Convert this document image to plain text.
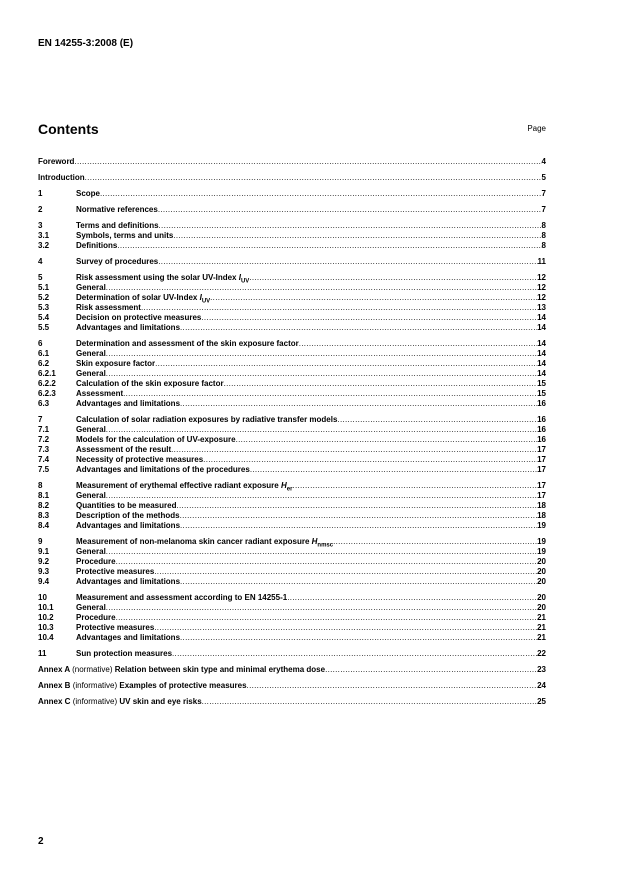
EN 14255-3:2008 (E)
Contents	Page
Foreword .....	4
Introduction .....	5
1	Scope .....	7
2	Normative references .....	7
3	Terms and definitions .....	8
3.1	Symbols, terms and units .....	8
3.2	Definitions .....	8
4	Survey of procedures .....	11
5	Risk assessment using the solar UV-Index $I_{UV}$ .....	12
5.1	General .....	12
5.2	Determination of solar UV-Index $I_{UV}$ .....	12
5.3	Risk assessment .....	13
5.4	Decision on protective measures .....	14
5.5	Advantages and limitations .....	14
6	Determination and assessment of the skin exposure factor .....	14
6.1	General .....	14
6.2	Skin exposure factor .....	14
6.2.1	General .....	14
6.2.2	Calculation of the skin exposure factor .....	15
6.2.3	Assessment .....	15
6.3	Advantages and limitations .....	16
7	Calculation of solar radiation exposures by radiative transfer models .....	16
7.1	General .....	16
7.2	Models for the calculation of UV-exposure .....	16
7.3	Assessment of the result .....	17
7.4	Necessity of protective measures .....	17
7.5	Advantages and limitations of the procedures .....	17
8	Measurement of erythemal effective radiant exposure $H_{er}$ .....	17
8.1	General .....	17
8.2	Quantities to be measured .....	18
8.3	Description of the methods .....	18
8.4	Advantages and limitations .....	19
9	Measurement of non-melanoma skin cancer radiant exposure $H_{nmsc}$ .....	19
9.1	General .....	19
9.2	Procedure .....	20
9.3	Protective measures .....	20
9.4	Advantages and limitations .....	20
10	Measurement and assessment according to EN 14255-1 .....	20
10.1	General .....	20
10.2	Procedure .....	21
10.3	Protective measures .....	21
10.4	Advantages and limitations .....	21
11	Sun protection measures .....	22
Annex A (normative) Relation between skin type and minimal erythema dose .....	23
Annex B (informative) Examples of protective measures .....	24
Annex C (informative) UV skin and eye risks .....	25
2
